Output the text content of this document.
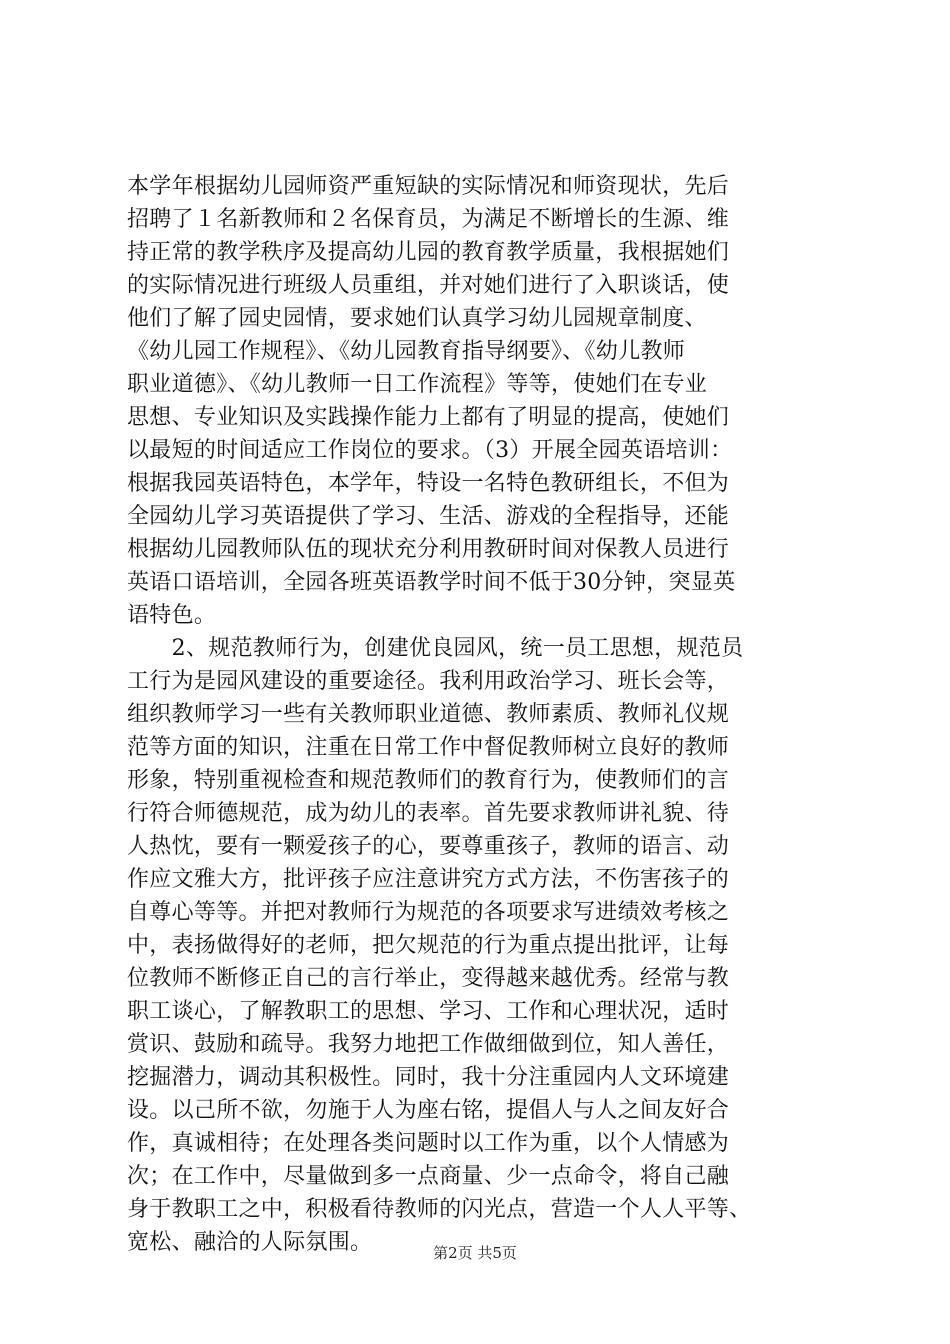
本学年根据幼儿园师资严重短缺的实际情况和师资现状，先后
招聘了１名新教师和２名保育员，为满足不断增长的生源、维
持正常的教学秩序及提高幼儿园的教育教学质量，我根据她们
的实际情况进行班级人员重组，并对她们进行了入职谈话，使
他们了解了园史园情，要求她们认真学习幼儿园规章制度、
《幼儿园工作规程》、《幼儿园教育指导纲要》、《幼儿教师
职业道德》、《幼儿教师一日工作流程》等等，使她们在专业
思想、专业知识及实践操作能力上都有了明显的提高，使她们
以最短的时间适应工作岗位的要求。（3）开展全园英语培训：
根据我园英语特色，本学年，特设一名特色教研组长，不但为
全园幼儿学习英语提供了学习、生活、游戏的全程指导，还能
根据幼儿园教师队伍的现状充分利用教研时间对保教人员进行
英语口语培训，全园各班英语教学时间不低于30分钟，突显英
语特色。
　　2、规范教师行为，创建优良园风，统一员工思想，规范员
工行为是园风建设的重要途径。我利用政治学习、班长会等，
组织教师学习一些有关教师职业道德、教师素质、教师礼仪规
范等方面的知识，注重在日常工作中督促教师树立良好的教师
形象，特别重视检查和规范教师们的教育行为，使教师们的言
行符合师德规范，成为幼儿的表率。首先要求教师讲礼貌、待
人热忱，要有一颗爱孩子的心，要尊重孩子，教师的语言、动
作应文雅大方，批评孩子应注意讲究方式方法，不伤害孩子的
自尊心等等。并把对教师行为规范的各项要求写进绩效考核之
中，表扬做得好的老师，把欠规范的行为重点提出批评，让每
位教师不断修正自己的言行举止，变得越来越优秀。经常与教
职工谈心，了解教职工的思想、学习、工作和心理状况，适时
赏识、鼓励和疏导。我努力地把工作做细做到位，知人善任，
挖掘潜力，调动其积极性。同时，我十分注重园内人文环境建
设。以己所不欲，勿施于人为座右铭，提倡人与人之间友好合
作，真诚相待；在处理各类问题时以工作为重，以个人情感为
次；在工作中，尽量做到多一点商量、少一点命令，将自己融
身于教职工之中，积极看待教师的闪光点，营造一个人人平等、
宽松、融洽的人际氛围。	第2页 共5页
